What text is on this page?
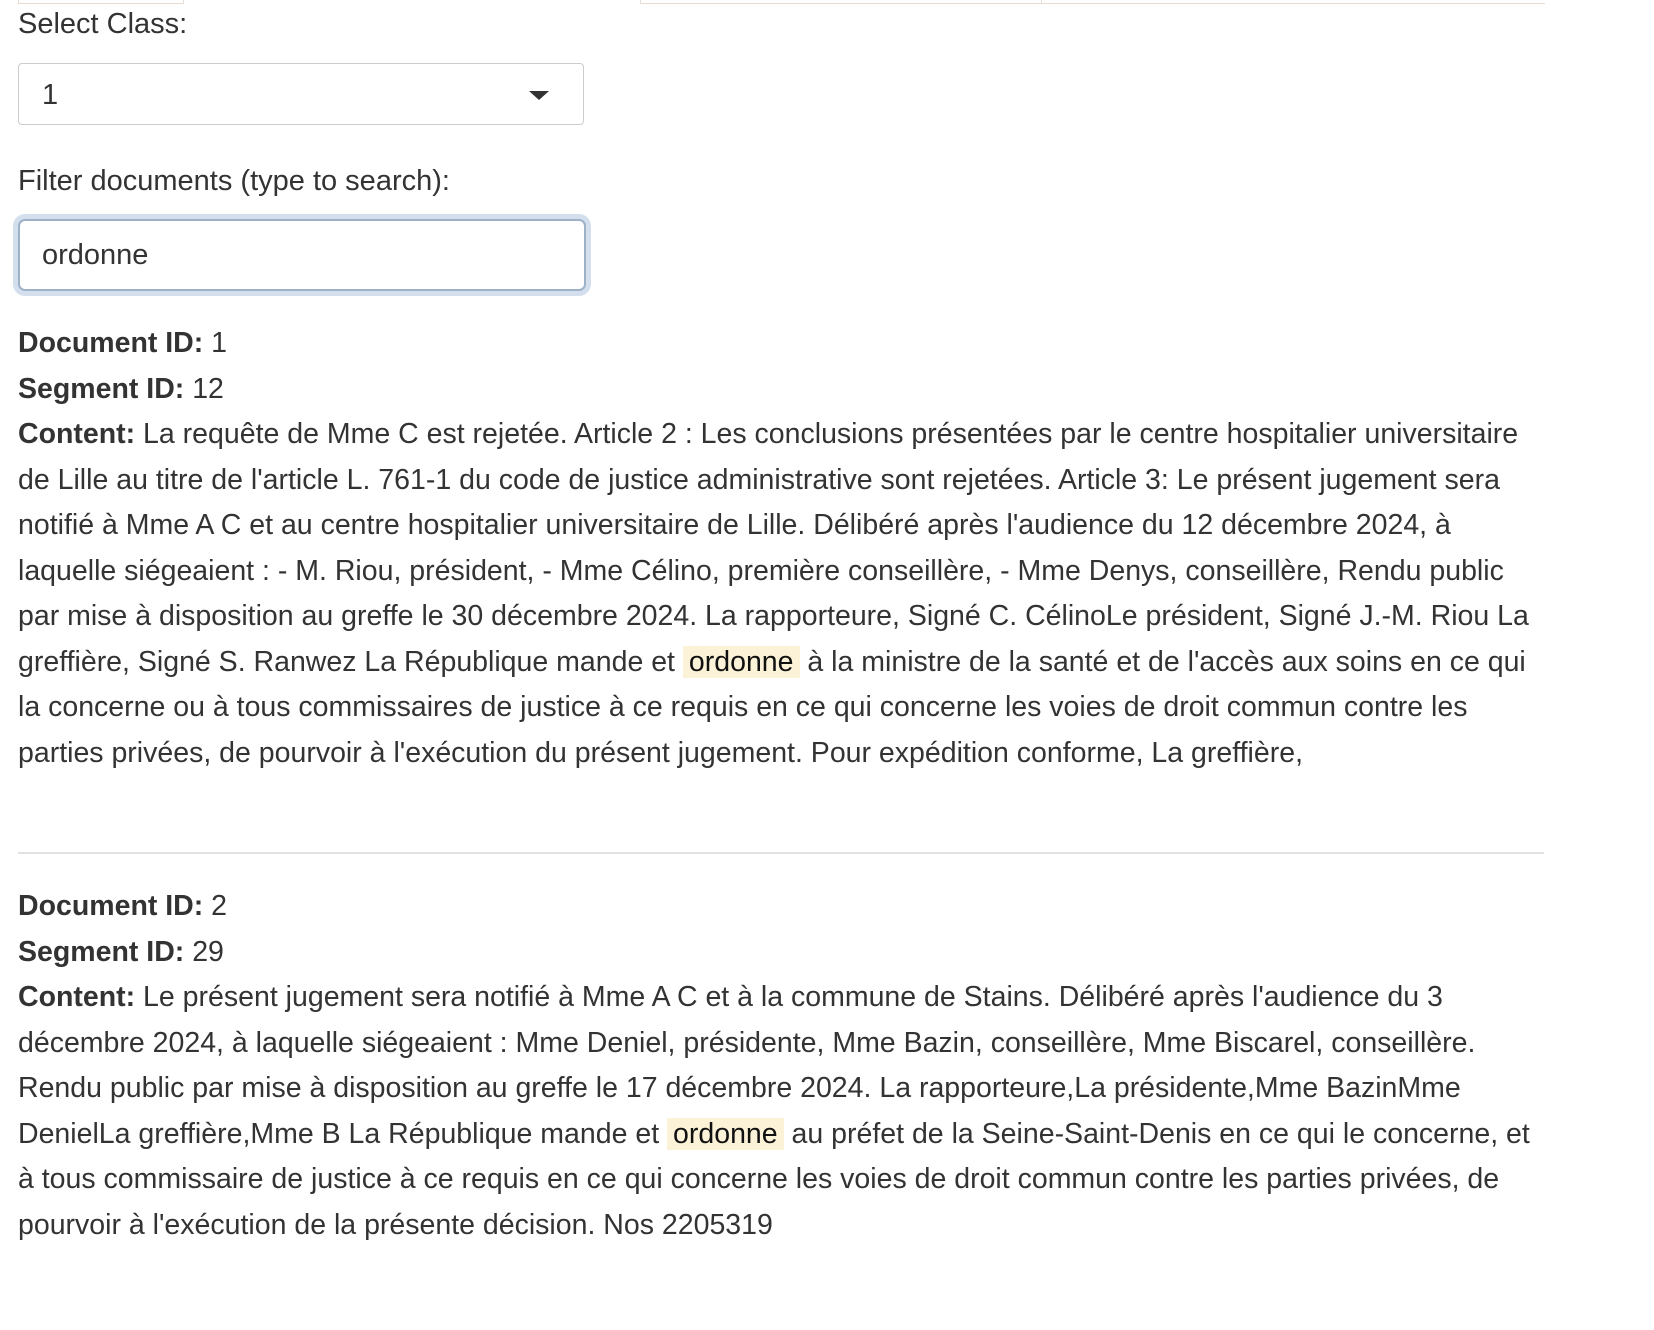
Select Class:
1
Filter documents (type to search):
ordonne
Document ID: 1
Segment ID: 12
Content: La requête de Mme C est rejetée. Article 2 : Les conclusions présentées par le centre hospitalier universitaire de Lille au titre de l'article L. 761-1 du code de justice administrative sont rejetées. Article 3: Le présent jugement sera notifié à Mme A C et au centre hospitalier universitaire de Lille. Délibéré après l'audience du 12 décembre 2024, à laquelle siégeaient : - M. Riou, président, - Mme Célino, première conseillère, - Mme Denys, conseillère, Rendu public par mise à disposition au greffe le 30 décembre 2024. La rapporteure, Signé C. CélinoLe président, Signé J.-M. Riou La greffière, Signé S. Ranwez La République mande et ordonne à la ministre de la santé et de l'accès aux soins en ce qui la concerne ou à tous commissaires de justice à ce requis en ce qui concerne les voies de droit commun contre les parties privées, de pourvoir à l'exécution du présent jugement. Pour expédition conforme, La greffière,
Document ID: 2
Segment ID: 29
Content: Le présent jugement sera notifié à Mme A C et à la commune de Stains. Délibéré après l'audience du 3 décembre 2024, à laquelle siégeaient : Mme Deniel, présidente, Mme Bazin, conseillère, Mme Biscarel, conseillère. Rendu public par mise à disposition au greffe le 17 décembre 2024. La rapporteure,La présidente,Mme BazinMme DenielLa greffière,Mme B La République mande et ordonne au préfet de la Seine-Saint-Denis en ce qui le concerne, et à tous commissaire de justice à ce requis en ce qui concerne les voies de droit commun contre les parties privées, de pourvoir à l'exécution de la présente décision. Nos 2205319
